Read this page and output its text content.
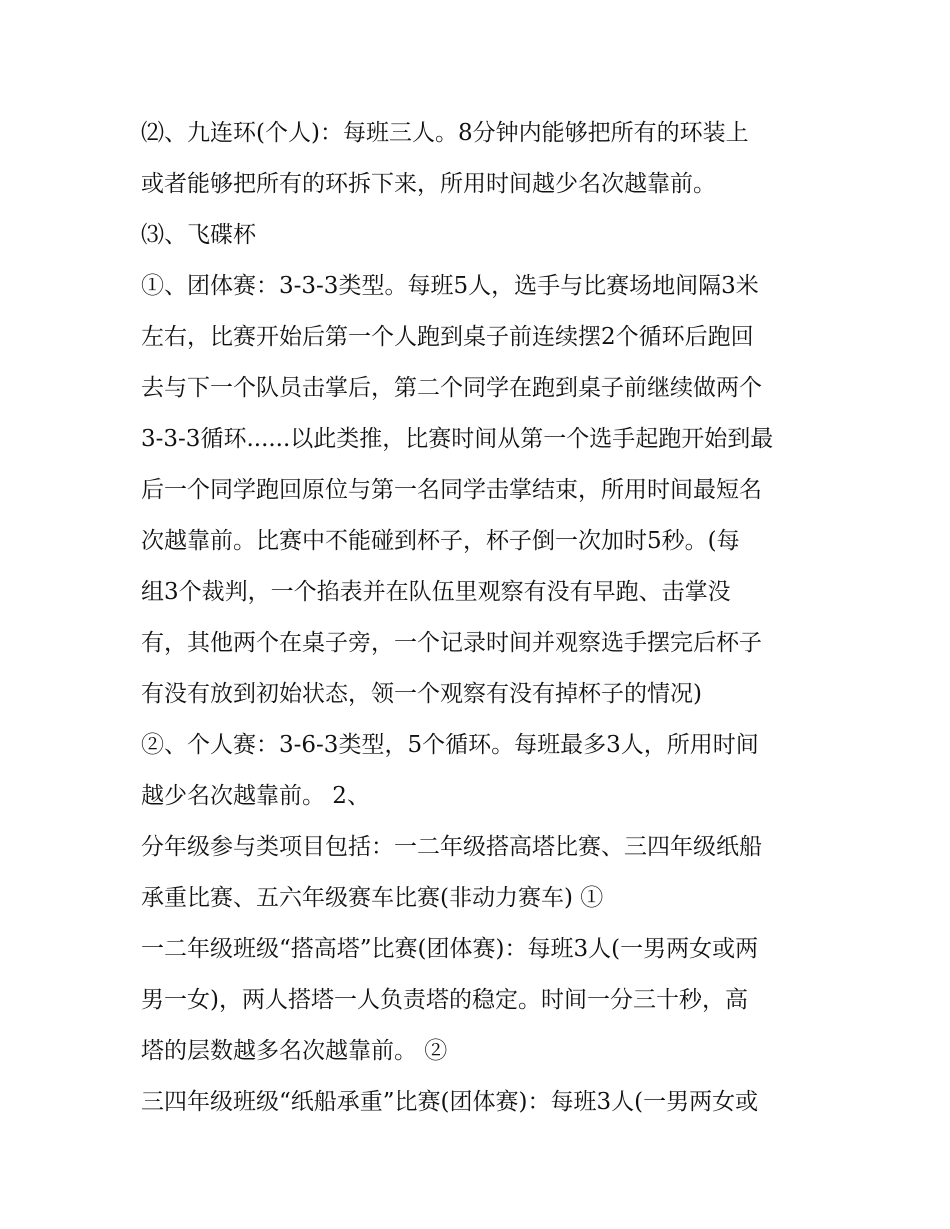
⑵、九连环(个人)：每班三人。8分钟内能够把所有的环装上
或者能够把所有的环拆下来，所用时间越少名次越靠前。
⑶、飞碟杯
①、团体赛：3-3-3类型。每班5人，选手与比赛场地间隔3米
左右，比赛开始后第一个人跑到桌子前连续摆2个循环后跑回
去与下一个队员击掌后，第二个同学在跑到桌子前继续做两个
3-3-3循环......以此类推，比赛时间从第一个选手起跑开始到最
后一个同学跑回原位与第一名同学击掌结束，所用时间最短名
次越靠前。比赛中不能碰到杯子，杯子倒一次加时5秒。(每
组3个裁判，一个掐表并在队伍里观察有没有早跑、击掌没
有，其他两个在桌子旁，一个记录时间并观察选手摆完后杯子
有没有放到初始状态，领一个观察有没有掉杯子的情况)
②、个人赛：3-6-3类型，5个循环。每班最多3人，所用时间
越少名次越靠前。 2、
分年级参与类项目包括：一二年级搭高塔比赛、三四年级纸船
承重比赛、五六年级赛车比赛(非动力赛车) ①
一二年级班级“搭高塔”比赛(团体赛)：每班3人(一男两女或两
男一女)，两人搭塔一人负责塔的稳定。时间一分三十秒，高
塔的层数越多名次越靠前。 ②
三四年级班级“纸船承重”比赛(团体赛)：每班3人(一男两女或
